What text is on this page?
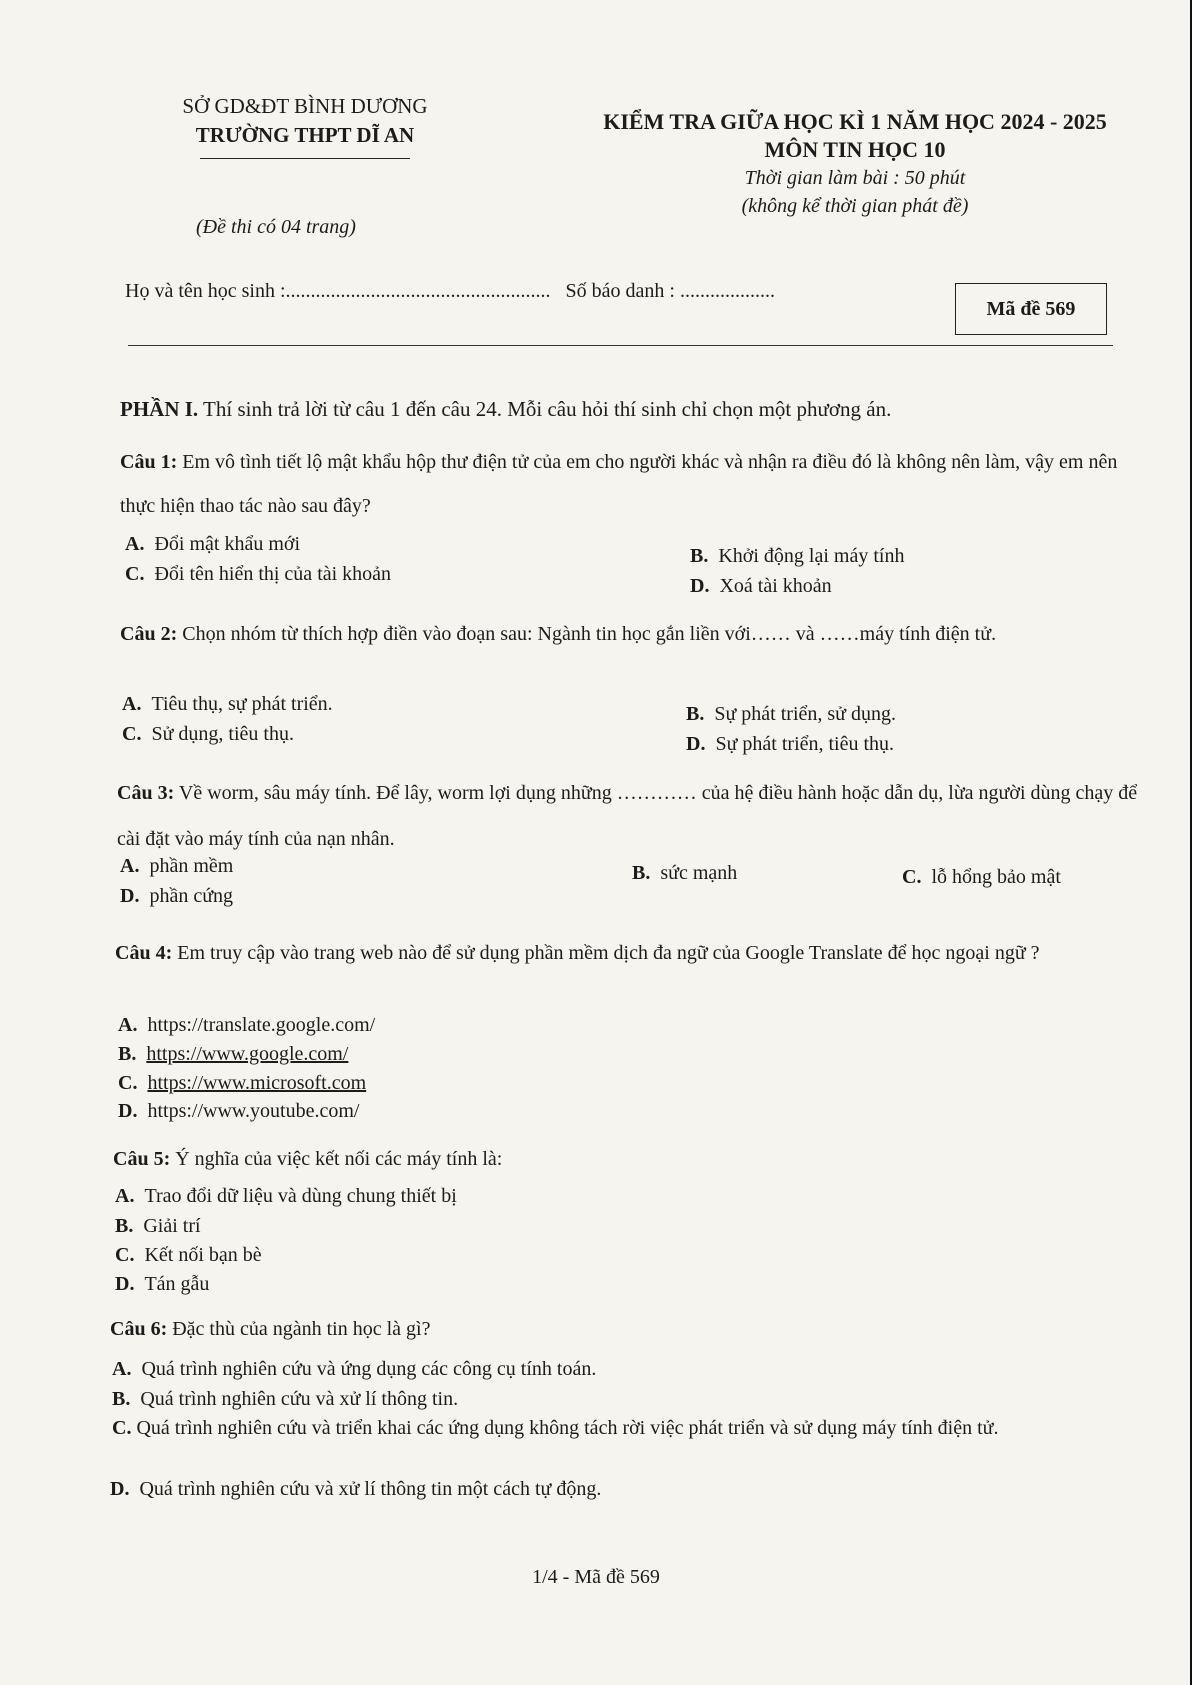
SỞ GD&ĐT BÌNH DƯƠNG
TRƯỜNG THPT DĨ AN
(Đề thi có 04 trang)
KIỂM TRA GIỮA HỌC KÌ 1 NĂM HỌC 2024 - 2025
MÔN TIN HỌC 10
Thời gian làm bài : 50 phút
(không kể thời gian phát đề)
Họ và tên học sinh :..................................................... Số báo danh : ...................
Mã đề 569
PHẦN I. Thí sinh trả lời từ câu 1 đến câu 24. Mỗi câu hỏi thí sinh chỉ chọn một phương án.
Câu 1: Em vô tình tiết lộ mật khẩu hộp thư điện tử của em cho người khác và nhận ra điều đó là không nên làm, vậy em nên thực hiện thao tác nào sau đây?
A. Đổi mật khẩu mới
B. Khởi động lại máy tính
C. Đổi tên hiển thị của tài khoản
D. Xoá tài khoản
Câu 2: Chọn nhóm từ thích hợp điền vào đoạn sau: Ngành tin học gắn liền với…… và ……máy tính điện tử.
A. Tiêu thụ, sự phát triển.	B. Sự phát triển, sử dụng.
C. Sử dụng, tiêu thụ.	D. Sự phát triển, tiêu thụ.
Câu 3: Về worm, sâu máy tính. Để lây, worm lợi dụng những ………… của hệ điều hành hoặc dẫn dụ, lừa người dùng chạy để cài đặt vào máy tính của nạn nhân.
A. phần mềm	B. sức mạnh	C. lỗ hổng bảo mật
D. phần cứng
Câu 4: Em truy cập vào trang web nào để sử dụng phần mềm dịch đa ngữ của Google Translate để học ngoại ngữ ?
A. https://translate.google.com/
B. https://www.google.com/
C. https://www.microsoft.com
D. https://www.youtube.com/
Câu 5: Ý nghĩa của việc kết nối các máy tính là:
A. Trao đổi dữ liệu và dùng chung thiết bị
B. Giải trí
C. Kết nối bạn bè
D. Tán gẫu
Câu 6: Đặc thù của ngành tin học là gì?
A. Quá trình nghiên cứu và ứng dụng các công cụ tính toán.
B. Quá trình nghiên cứu và xử lí thông tin.
C. Quá trình nghiên cứu và triển khai các ứng dụng không tách rời việc phát triển và sử dụng máy tính điện tử.
D. Quá trình nghiên cứu và xử lí thông tin một cách tự động.
1/4 - Mã đề 569
